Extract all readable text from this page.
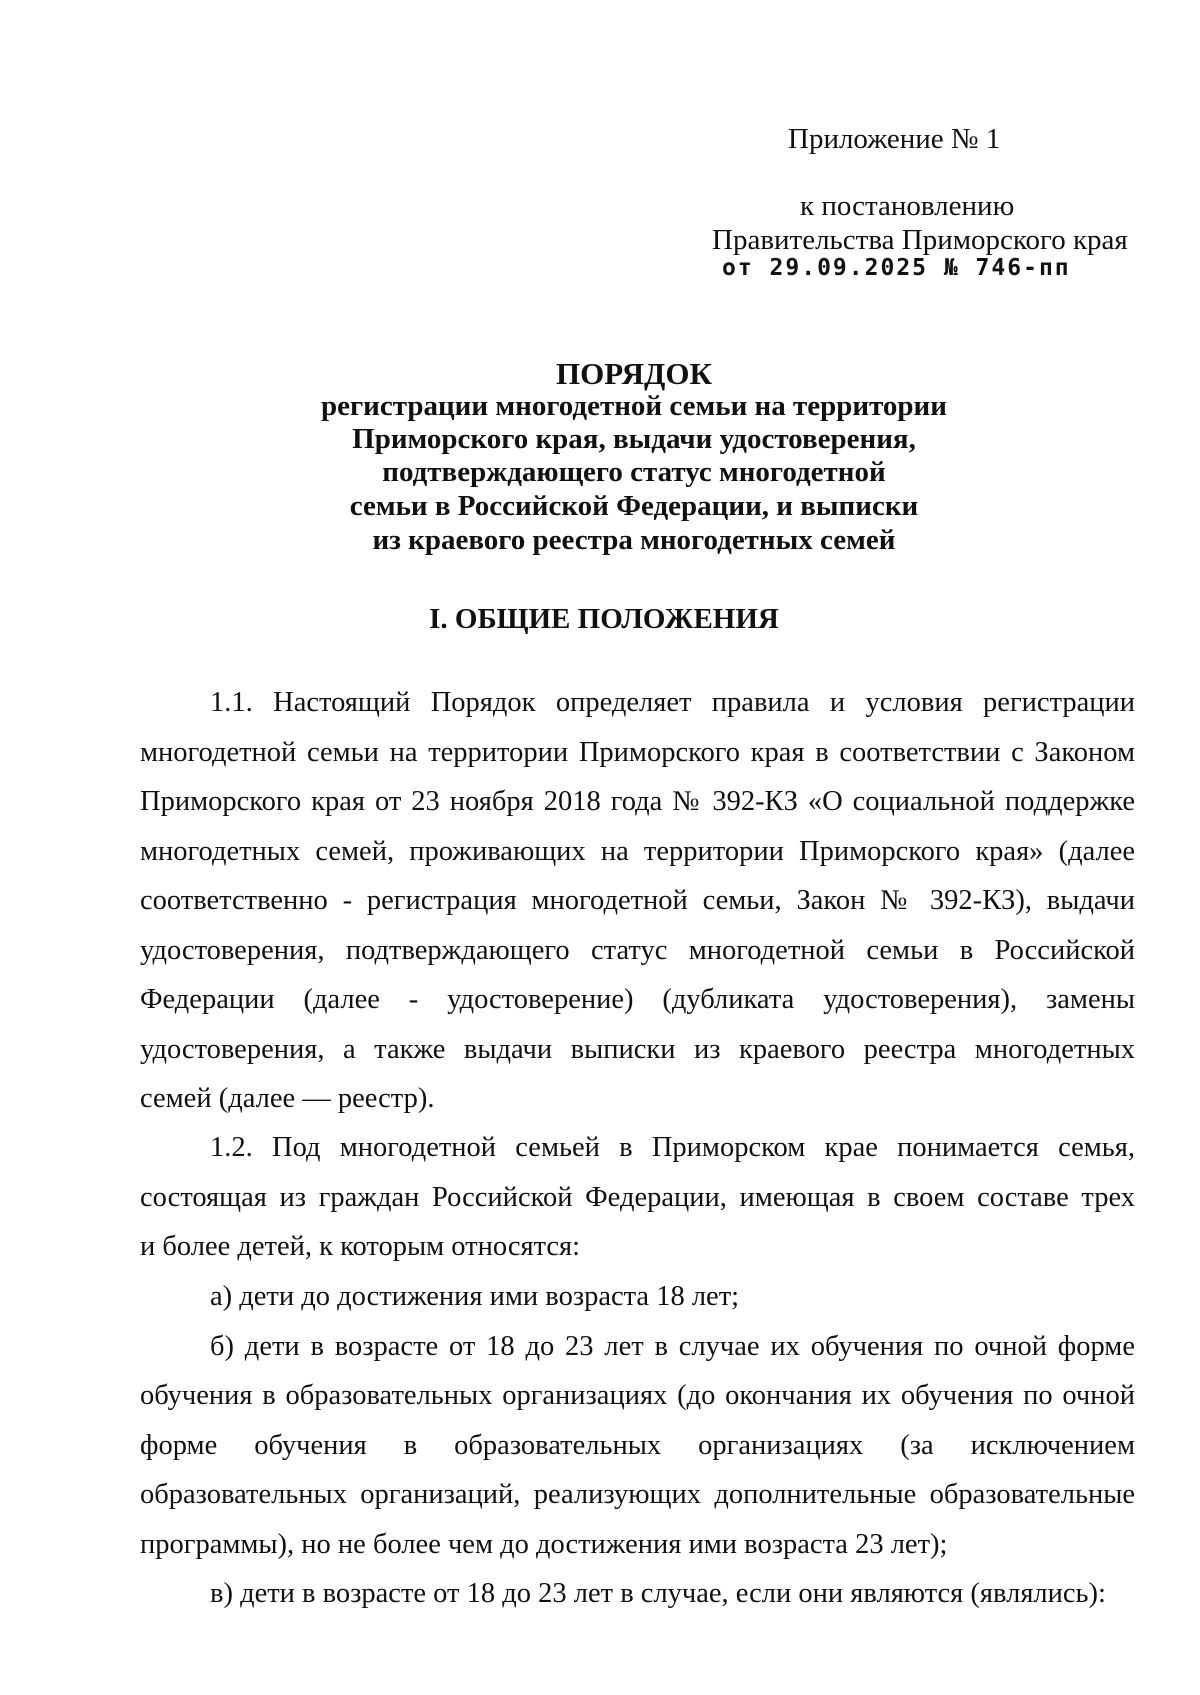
Приложение № 1
к постановлению
Правительства Приморского края
от 29.09.2025 № 746-пп
ПОРЯДОК
регистрации многодетной семьи на территории
Приморского края, выдачи удостоверения,
подтверждающего статус многодетной
семьи в Российской Федерации, и выписки
из краевого реестра многодетных семей
I. ОБЩИЕ ПОЛОЖЕНИЯ
1.1. Настоящий Порядок определяет правила и условия регистрации
многодетной семьи на территории Приморского края в соответствии с Законом
Приморского края от 23 ноября 2018 года № 392-КЗ «О социальной поддержке
многодетных семей, проживающих на территории Приморского края» (далее
соответственно - регистрация многодетной семьи, Закон № 392-КЗ), выдачи
удостоверения, подтверждающего статус многодетной семьи в Российской
Федерации (далее - удостоверение) (дубликата удостоверения), замены
удостоверения, а также выдачи выписки из краевого реестра многодетных
семей (далее — реестр).
1.2. Под многодетной семьей в Приморском крае понимается семья,
состоящая из граждан Российской Федерации, имеющая в своем составе трех
и более детей, к которым относятся:
а) дети до достижения ими возраста 18 лет;
б) дети в возрасте от 18 до 23 лет в случае их обучения по очной форме
обучения в образовательных организациях (до окончания их обучения по очной
форме обучения в образовательных организациях (за исключением
образовательных организаций, реализующих дополнительные образовательные
программы), но не более чем до достижения ими возраста 23 лет);
в) дети в возрасте от 18 до 23 лет в случае, если они являются (являлись):
